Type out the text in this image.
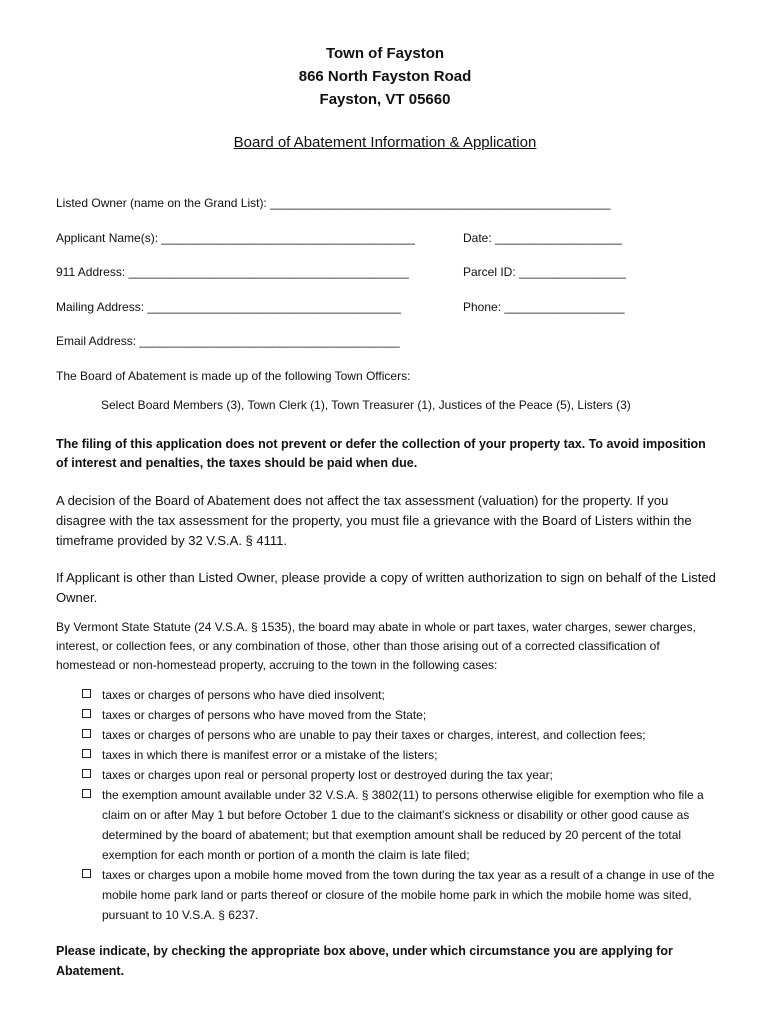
Town of Fayston
866 North Fayston Road
Fayston, VT 05660
Board of Abatement Information & Application
Listed Owner (name on the Grand List): ___________________________________________________
Applicant Name(s): ______________________________________	Date: ___________________
911 Address: __________________________________________	Parcel ID: ________________
Mailing Address: ______________________________________	Phone: __________________
Email Address: _______________________________________
The Board of Abatement is made up of the following Town Officers:
Select Board Members (3), Town Clerk (1), Town Treasurer (1), Justices of the Peace (5), Listers (3)
The filing of this application does not prevent or defer the collection of your property tax. To avoid imposition of interest and penalties, the taxes should be paid when due.
A decision of the Board of Abatement does not affect the tax assessment (valuation) for the property. If you disagree with the tax assessment for the property, you must file a grievance with the Board of Listers within the timeframe provided by 32 V.S.A. § 4111.
If Applicant is other than Listed Owner, please provide a copy of written authorization to sign on behalf of the Listed Owner.
By Vermont State Statute (24 V.S.A. § 1535), the board may abate in whole or part taxes, water charges, sewer charges, interest, or collection fees, or any combination of those, other than those arising out of a corrected classification of homestead or non-homestead property, accruing to the town in the following cases:
taxes or charges of persons who have died insolvent;
taxes or charges of persons who have moved from the State;
taxes or charges of persons who are unable to pay their taxes or charges, interest, and collection fees;
taxes in which there is manifest error or a mistake of the listers;
taxes or charges upon real or personal property lost or destroyed during the tax year;
the exemption amount available under 32 V.S.A. § 3802(11) to persons otherwise eligible for exemption who file a claim on or after May 1 but before October 1 due to the claimant's sickness or disability or other good cause as determined by the board of abatement; but that exemption amount shall be reduced by 20 percent of the total exemption for each month or portion of a month the claim is late filed;
taxes or charges upon a mobile home moved from the town during the tax year as a result of a change in use of the mobile home park land or parts thereof or closure of the mobile home park in which the mobile home was sited, pursuant to 10 V.S.A. § 6237.
Please indicate, by checking the appropriate box above, under which circumstance you are applying for Abatement.
